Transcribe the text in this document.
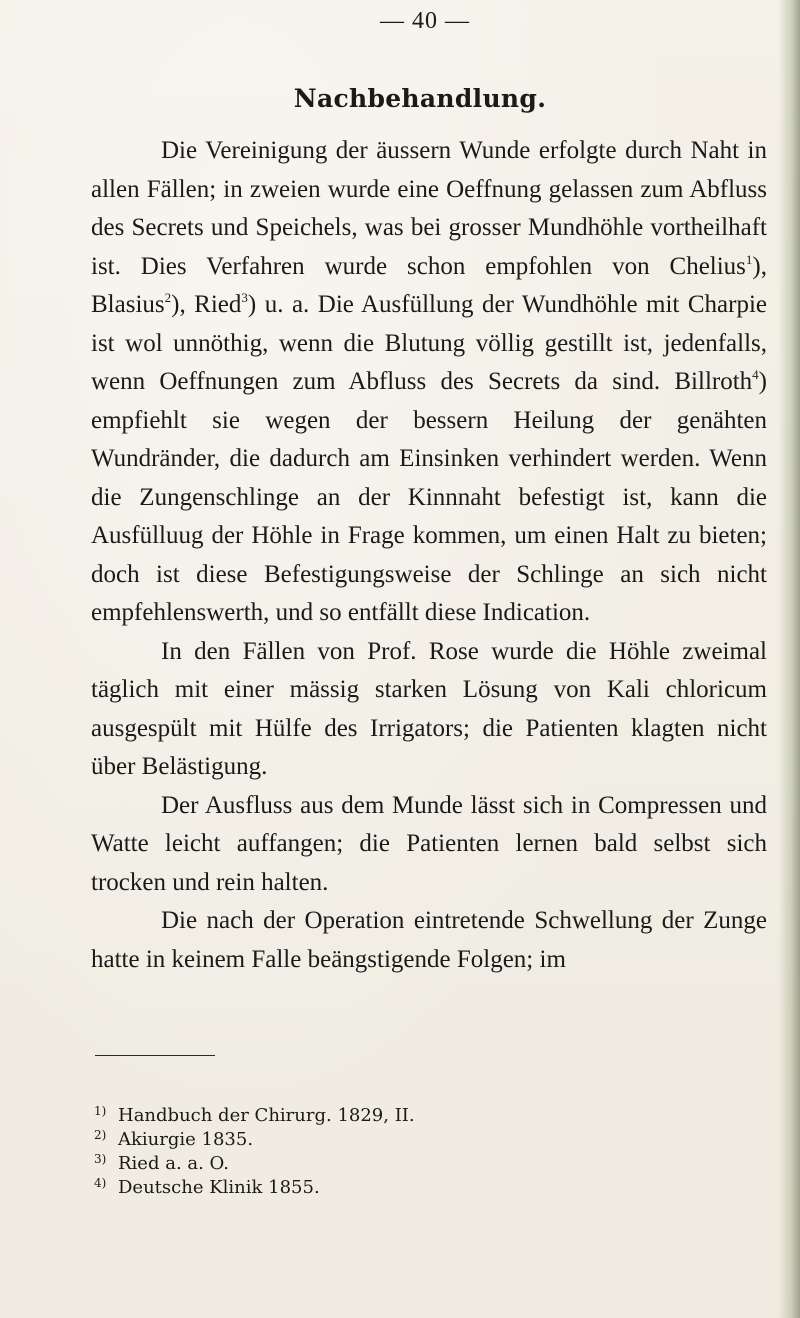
— 40 —
Nachbehandlung.

Die Vereinigung der äussern Wunde erfolgte durch Naht in allen Fällen; in zweien wurde eine Oeffnung gelassen zum Abfluss des Secrets und Speichels, was bei grosser Mundhöhle vortheilhaft ist. Dies Verfahren wurde schon empfohlen von Chelius$^1$), Blasius$^2$), Ried$^3$) u. a. Die Ausfüllung der Wundhöhle mit Charpie ist wol unnöthig, wenn die Blutung völlig gestillt ist, jedenfalls, wenn Oeffnungen zum Abfluss des Secrets da sind. Billroth$^4$) empfiehlt sie wegen der bessern Heilung der genähten Wundränder, die dadurch am Einsinken verhindert werden. Wenn die Zungenschlinge an der Kinnnaht befestigt ist, kann die Ausfülluug der Höhle in Frage kommen, um einen Halt zu bieten; doch ist diese Befestigungsweise der Schlinge an sich nicht empfehlenswerth, und so entfällt diese Indication.

In den Fällen von Prof. Rose wurde die Höhle zweimal täglich mit einer mässig starken Lösung von Kali chloricum ausgespült mit Hülfe des Irrigators; die Patienten klagten nicht über Belästigung.

Der Ausfluss aus dem Munde lässt sich in Compressen und Watte leicht auffangen; die Patienten lernen bald selbst sich trocken und rein halten.

Die nach der Operation eintretende Schwellung der Zunge hatte in keinem Falle beängstigende Folgen; im

1) Handbuch der Chirurg. 1829, II.
2) Akiurgie 1835.
3) Ried a. a. O.
4) Deutsche Klinik 1855.
